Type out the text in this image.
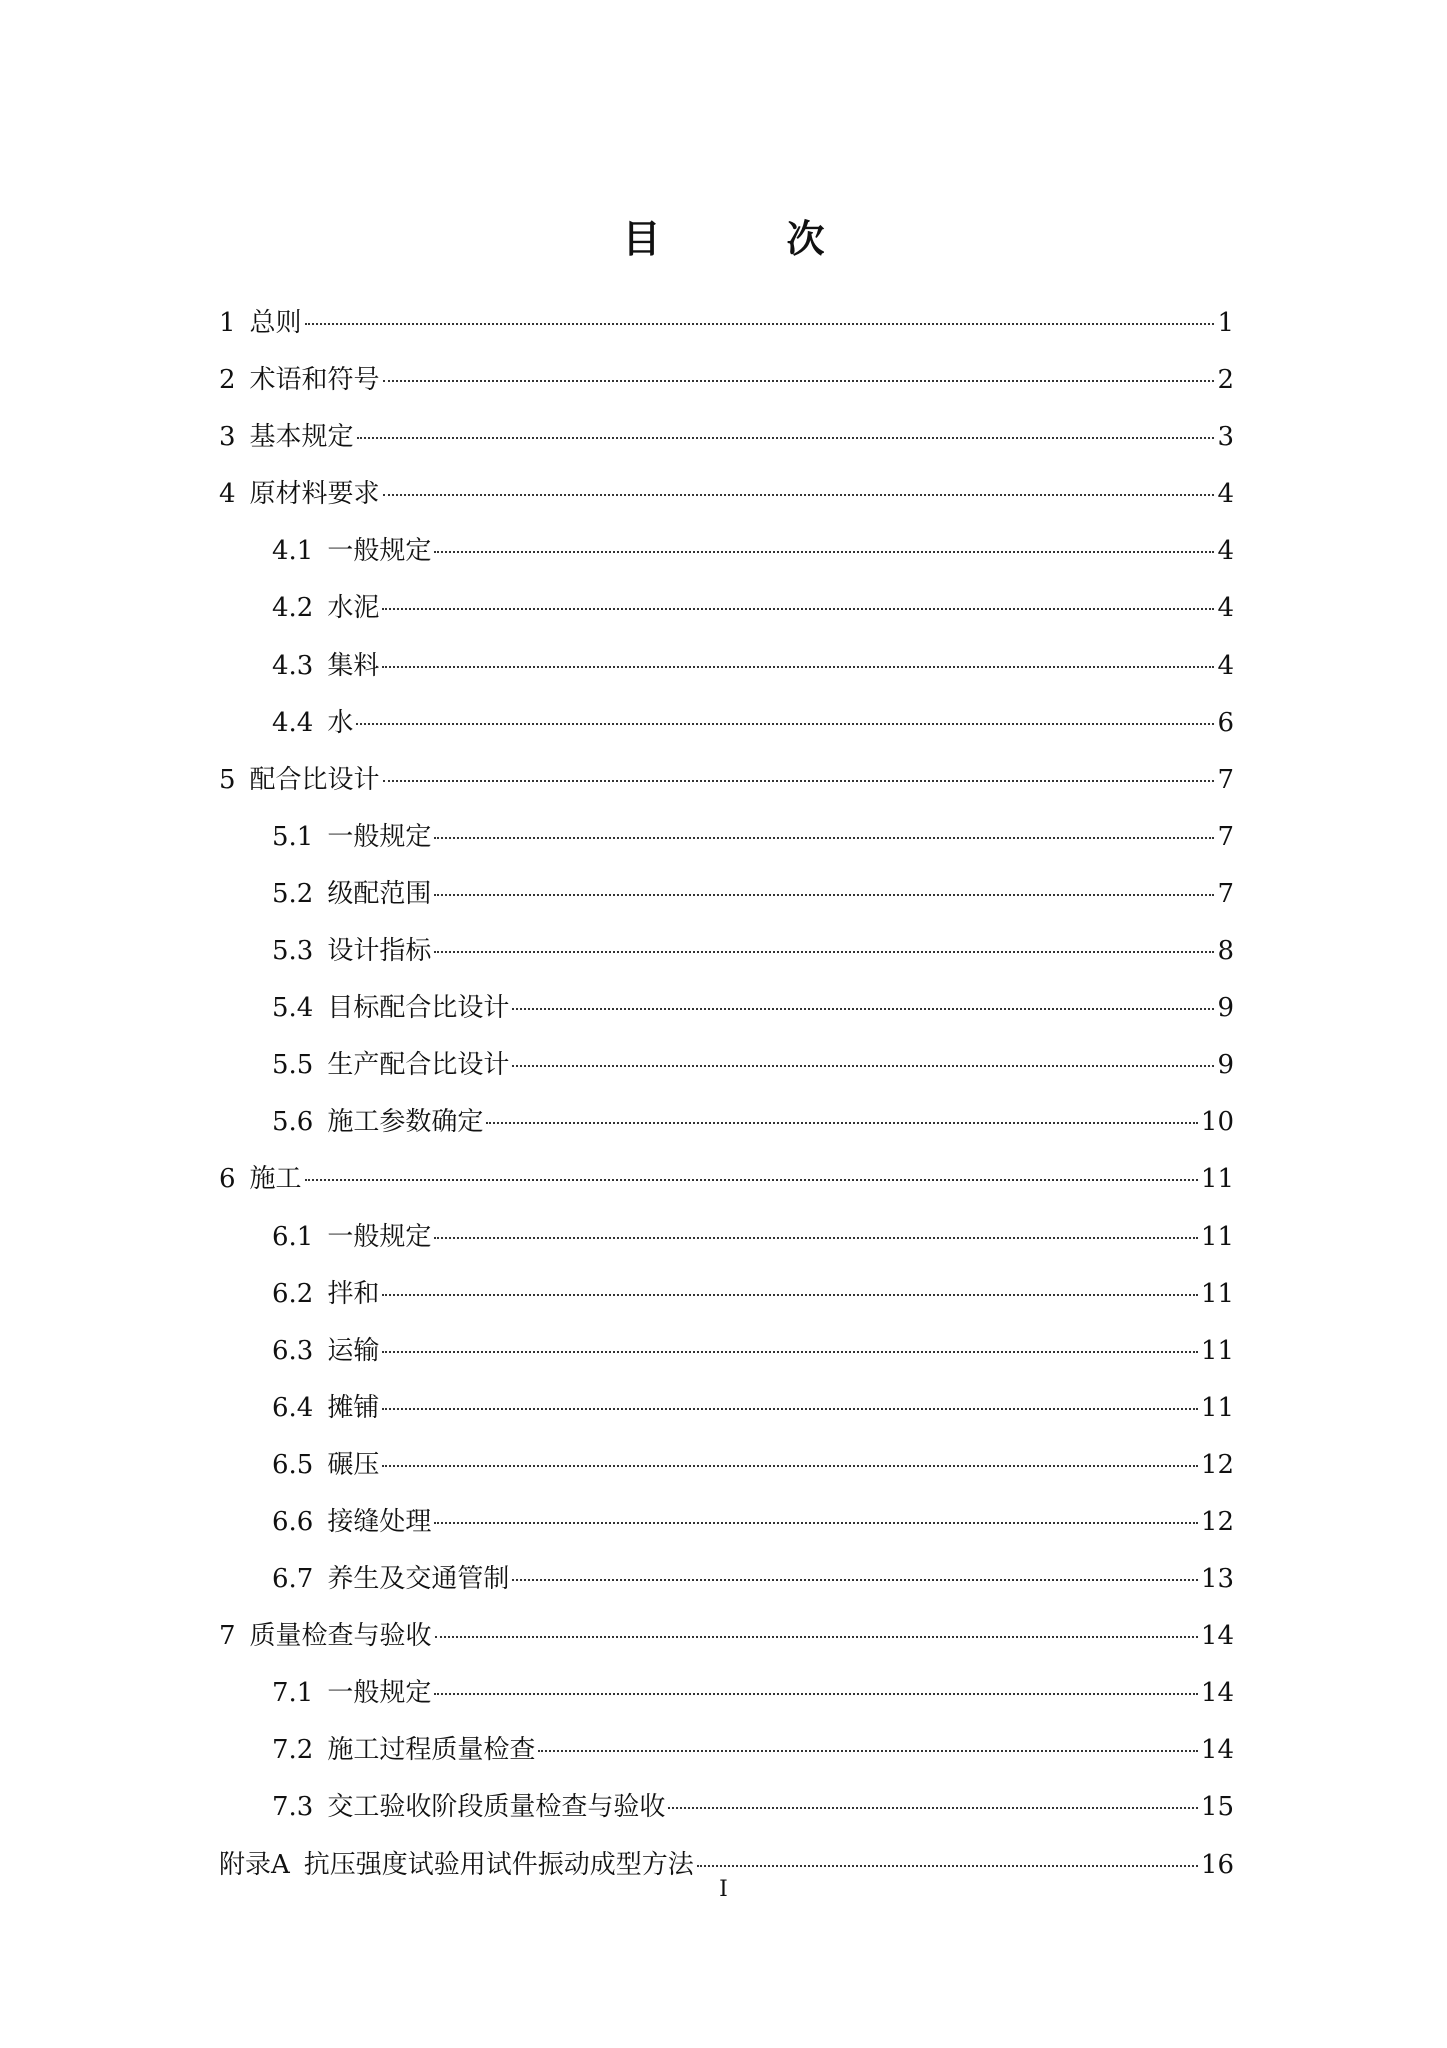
目　次
1 总则	1
2 术语和符号	2
3 基本规定	3
4 原材料要求	4
4.1 一般规定	4
4.2 水泥	4
4.3 集料	4
4.4 水	6
5 配合比设计	7
5.1 一般规定	7
5.2 级配范围	7
5.3 设计指标	8
5.4 目标配合比设计	9
5.5 生产配合比设计	9
5.6 施工参数确定	10
6 施工	11
6.1 一般规定	11
6.2 拌和	11
6.3 运输	11
6.4 摊铺	11
6.5 碾压	12
6.6 接缝处理	12
6.7 养生及交通管制	13
7 质量检查与验收	14
7.1 一般规定	14
7.2 施工过程质量检查	14
7.3 交工验收阶段质量检查与验收	15
附录A 抗压强度试验用试件振动成型方法	16
I
